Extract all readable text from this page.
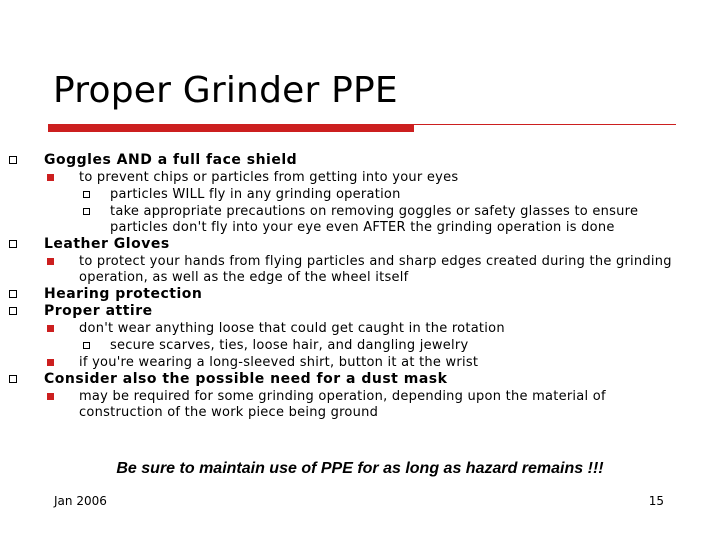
Proper Grinder PPE
Goggles AND a full face shield
to prevent chips or particles from getting into your eyes
particles WILL fly in any grinding operation
take appropriate precautions on removing goggles or safety glasses to ensure
particles don't fly into your eye even AFTER the grinding operation is done
Leather Gloves
to protect your hands from flying particles and sharp edges created during the grinding
operation, as well as the edge of the wheel itself
Hearing protection
Proper attire
don't wear anything loose that could get caught in the rotation
secure scarves, ties, loose hair, and dangling jewelry
if you're wearing a long-sleeved shirt, button it at the wrist
Consider also the possible need for a dust mask
may be required for some grinding operation, depending upon the material of
construction of the work piece being ground
Be sure to maintain use of PPE for as long as hazard remains !!!
Jan 2006	15
